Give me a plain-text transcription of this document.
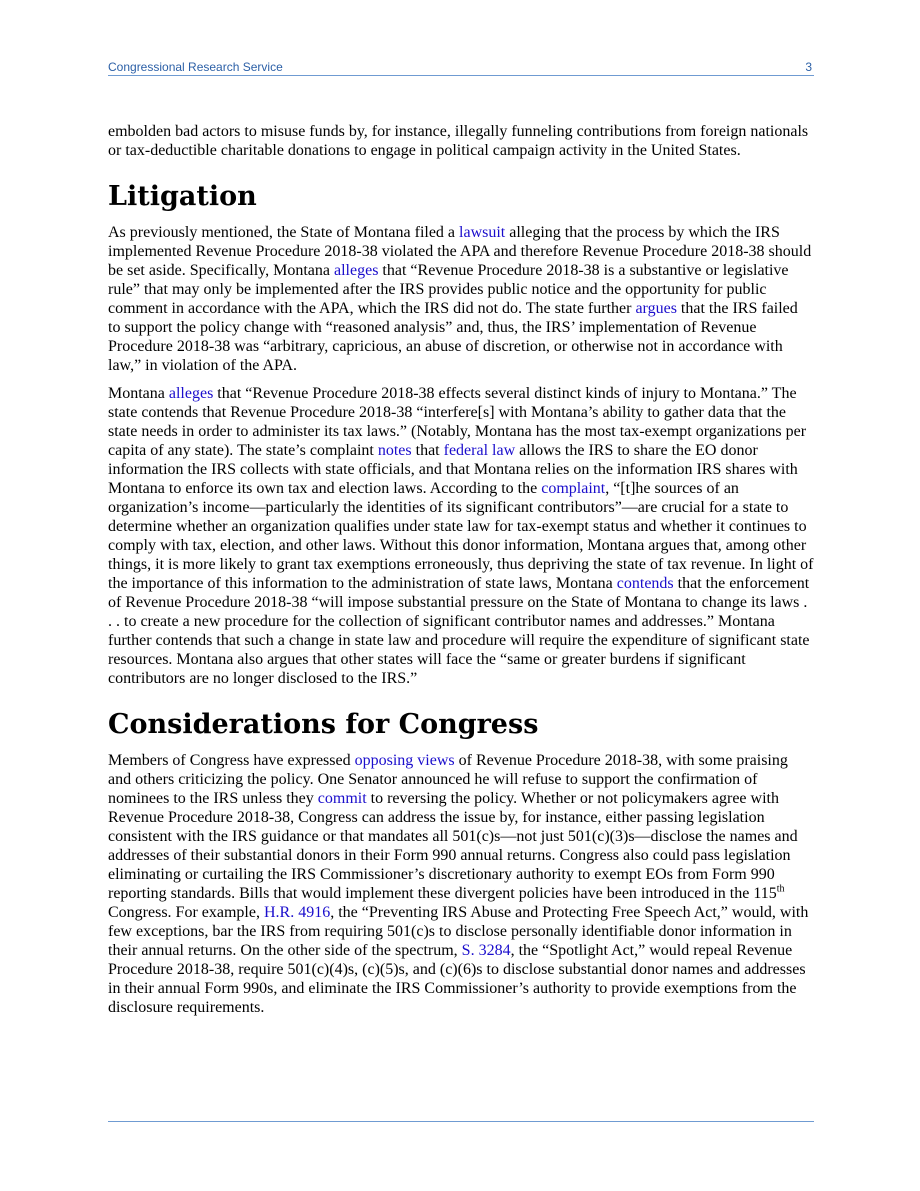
Congressional Research Service	3

embolden bad actors to misuse funds by, for instance, illegally funneling contributions from foreign nationals or tax-deductible charitable donations to engage in political campaign activity in the United States.

Litigation

As previously mentioned, the State of Montana filed a lawsuit alleging that the process by which the IRS implemented Revenue Procedure 2018-38 violated the APA and therefore Revenue Procedure 2018-38 should be set aside. Specifically, Montana alleges that “Revenue Procedure 2018-38 is a substantive or legislative rule” that may only be implemented after the IRS provides public notice and the opportunity for public comment in accordance with the APA, which the IRS did not do. The state further argues that the IRS failed to support the policy change with “reasoned analysis” and, thus, the IRS’ implementation of Revenue Procedure 2018-38 was “arbitrary, capricious, an abuse of discretion, or otherwise not in accordance with law,” in violation of the APA.

Montana alleges that “Revenue Procedure 2018-38 effects several distinct kinds of injury to Montana.” The state contends that Revenue Procedure 2018-38 “interfere[s] with Montana’s ability to gather data that the state needs in order to administer its tax laws.” (Notably, Montana has the most tax-exempt organizations per capita of any state). The state’s complaint notes that federal law allows the IRS to share the EO donor information the IRS collects with state officials, and that Montana relies on the information IRS shares with Montana to enforce its own tax and election laws. According to the complaint, “[t]he sources of an organization’s income—particularly the identities of its significant contributors”—are crucial for a state to determine whether an organization qualifies under state law for tax-exempt status and whether it continues to comply with tax, election, and other laws. Without this donor information, Montana argues that, among other things, it is more likely to grant tax exemptions erroneously, thus depriving the state of tax revenue. In light of the importance of this information to the administration of state laws, Montana contends that the enforcement of Revenue Procedure 2018-38 “will impose substantial pressure on the State of Montana to change its laws . . . to create a new procedure for the collection of significant contributor names and addresses.” Montana further contends that such a change in state law and procedure will require the expenditure of significant state resources. Montana also argues that other states will face the “same or greater burdens if significant contributors are no longer disclosed to the IRS.”

Considerations for Congress

Members of Congress have expressed opposing views of Revenue Procedure 2018-38, with some praising and others criticizing the policy. One Senator announced he will refuse to support the confirmation of nominees to the IRS unless they commit to reversing the policy. Whether or not policymakers agree with Revenue Procedure 2018-38, Congress can address the issue by, for instance, either passing legislation consistent with the IRS guidance or that mandates all 501(c)s—not just 501(c)(3)s—disclose the names and addresses of their substantial donors in their Form 990 annual returns. Congress also could pass legislation eliminating or curtailing the IRS Commissioner’s discretionary authority to exempt EOs from Form 990 reporting standards. Bills that would implement these divergent policies have been introduced in the 115th Congress. For example, H.R. 4916, the “Preventing IRS Abuse and Protecting Free Speech Act,” would, with few exceptions, bar the IRS from requiring 501(c)s to disclose personally identifiable donor information in their annual returns. On the other side of the spectrum, S. 3284, the “Spotlight Act,” would repeal Revenue Procedure 2018-38, require 501(c)(4)s, (c)(5)s, and (c)(6)s to disclose substantial donor names and addresses in their annual Form 990s, and eliminate the IRS Commissioner’s authority to provide exemptions from the disclosure requirements.
